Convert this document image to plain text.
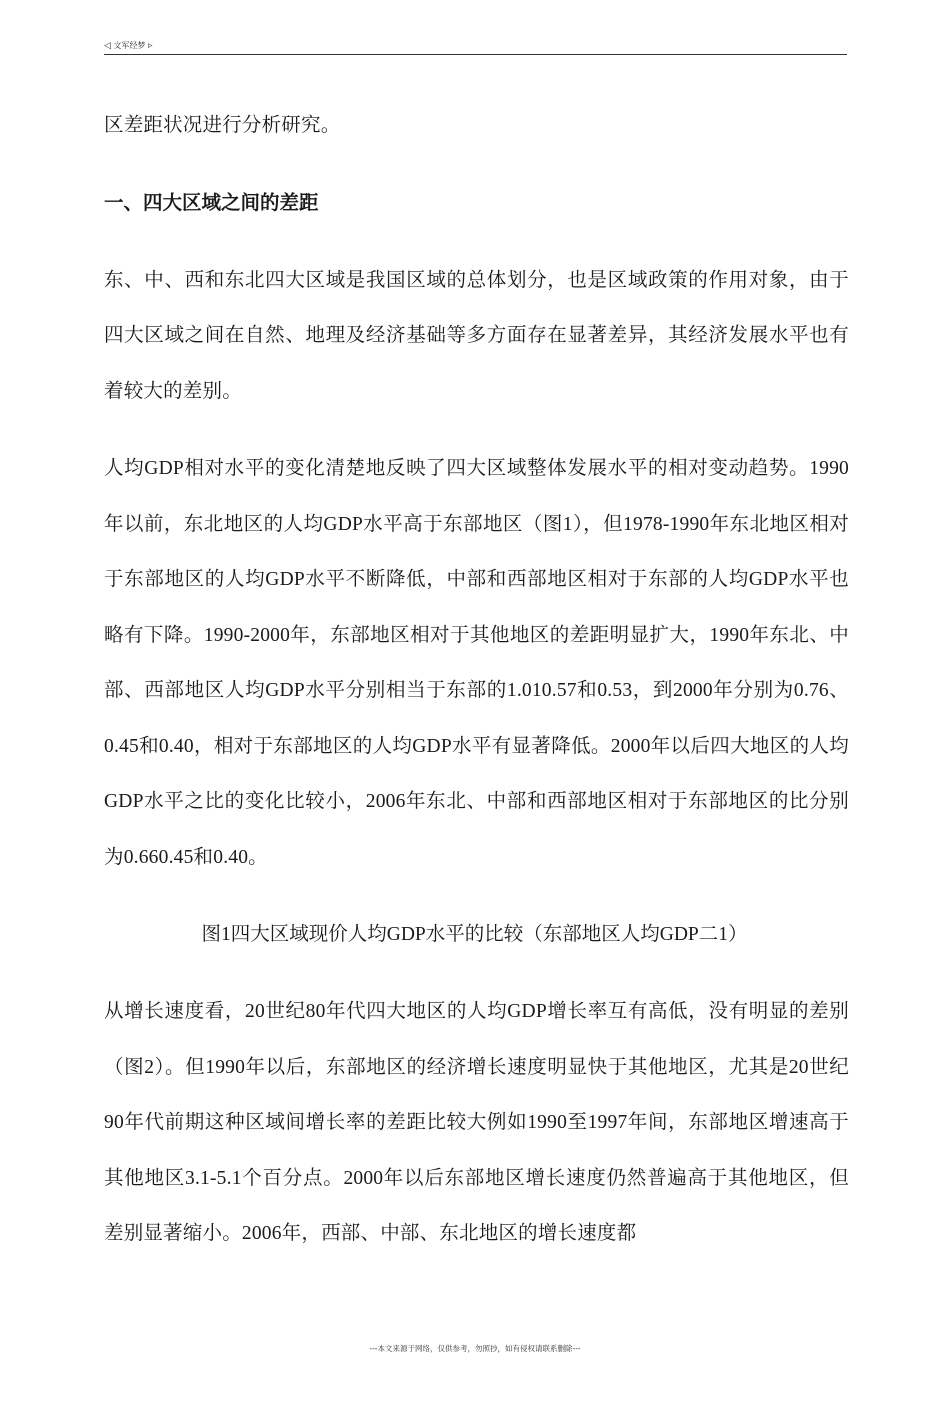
◁ 文军经梦 ▹

区差距状况进行分析研究。

一、四大区域之间的差距

东、中、西和东北四大区域是我国区域的总体划分，也是区域政策的作用对象，由于四大区域之间在自然、地理及经济基础等多方面存在显著差异，其经济发展水平也有着较大的差别。

人均GDP相对水平的变化清楚地反映了四大区域整体发展水平的相对变动趋势。1990年以前，东北地区的人均GDP水平高于东部地区（图1），但1978-1990年东北地区相对于东部地区的人均GDP水平不断降低，中部和西部地区相对于东部的人均GDP水平也略有下降。1990-2000年，东部地区相对于其他地区的差距明显扩大，1990年东北、中部、西部地区人均GDP水平分别相当于东部的1.010.57和0.53，到2000年分别为0.76、0.45和0.40，相对于东部地区的人均GDP水平有显著降低。2000年以后四大地区的人均GDP水平之比的变化比较小，2006年东北、中部和西部地区相对于东部地区的比分别为0.660.45和0.40。

图1四大区域现价人均GDP水平的比较（东部地区人均GDP二1）

从增长速度看，20世纪80年代四大地区的人均GDP增长率互有高低，没有明显的差别（图2）。但1990年以后，东部地区的经济增长速度明显快于其他地区，尤其是20世纪90年代前期这种区域间增长率的差距比较大例如1990至1997年间，东部地区增速高于其他地区3.1-5.1个百分点。2000年以后东部地区增长速度仍然普遍高于其他地区，但差别显著缩小。2006年，西部、中部、东北地区的增长速度都

---本文来源于网络，仅供参考，勿照抄，如有侵权请联系删除---
